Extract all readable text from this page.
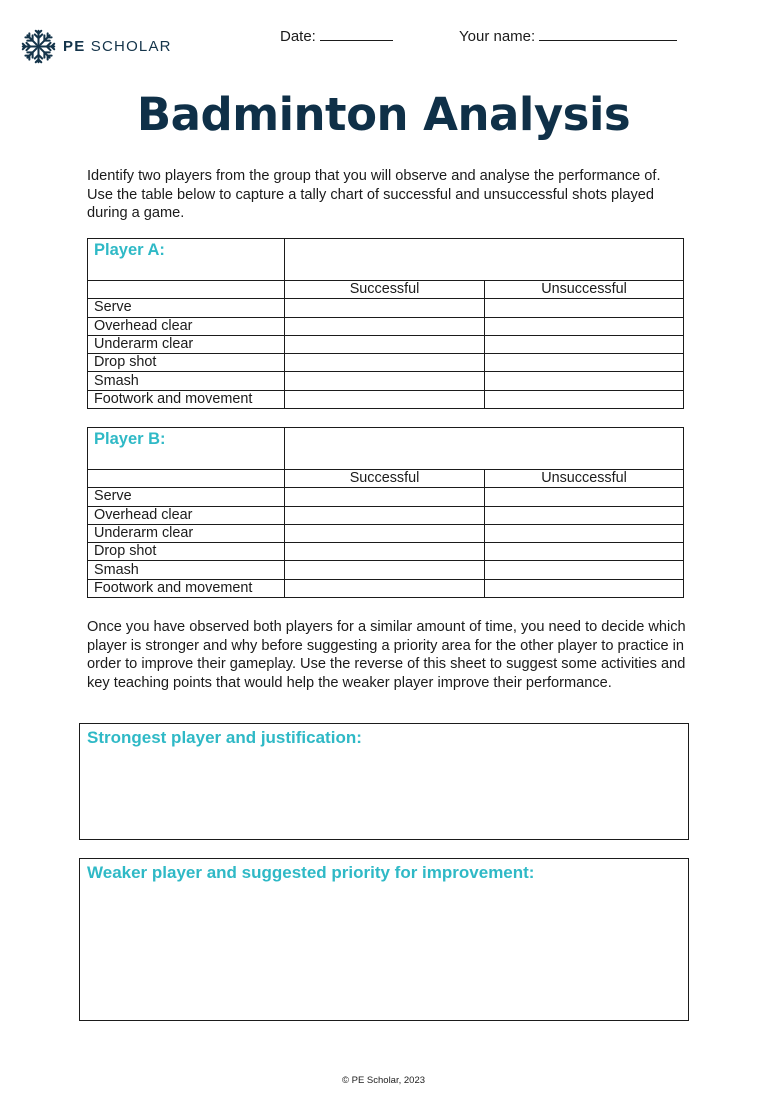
PE SCHOLAR
Date:	Your name:
Badminton Analysis
Identify two players from the group that you will observe and analyse the performance of. Use the table below to capture a tally chart of successful and unsuccessful shots played during a game.
Player A:		
	Successful	Unsuccessful
Serve		
Overhead clear		
Underarm clear		
Drop shot		
Smash		
Footwork and movement		
Player B:		
	Successful	Unsuccessful
Serve		
Overhead clear		
Underarm clear		
Drop shot		
Smash		
Footwork and movement		
Once you have observed both players for a similar amount of time, you need to decide which player is stronger and why before suggesting a priority area for the other player to practice in order to improve their gameplay. Use the reverse of this sheet to suggest some activities and key teaching points that would help the weaker player improve their performance.
Strongest player and justification:
Weaker player and suggested priority for improvement:
© PE Scholar, 2023
